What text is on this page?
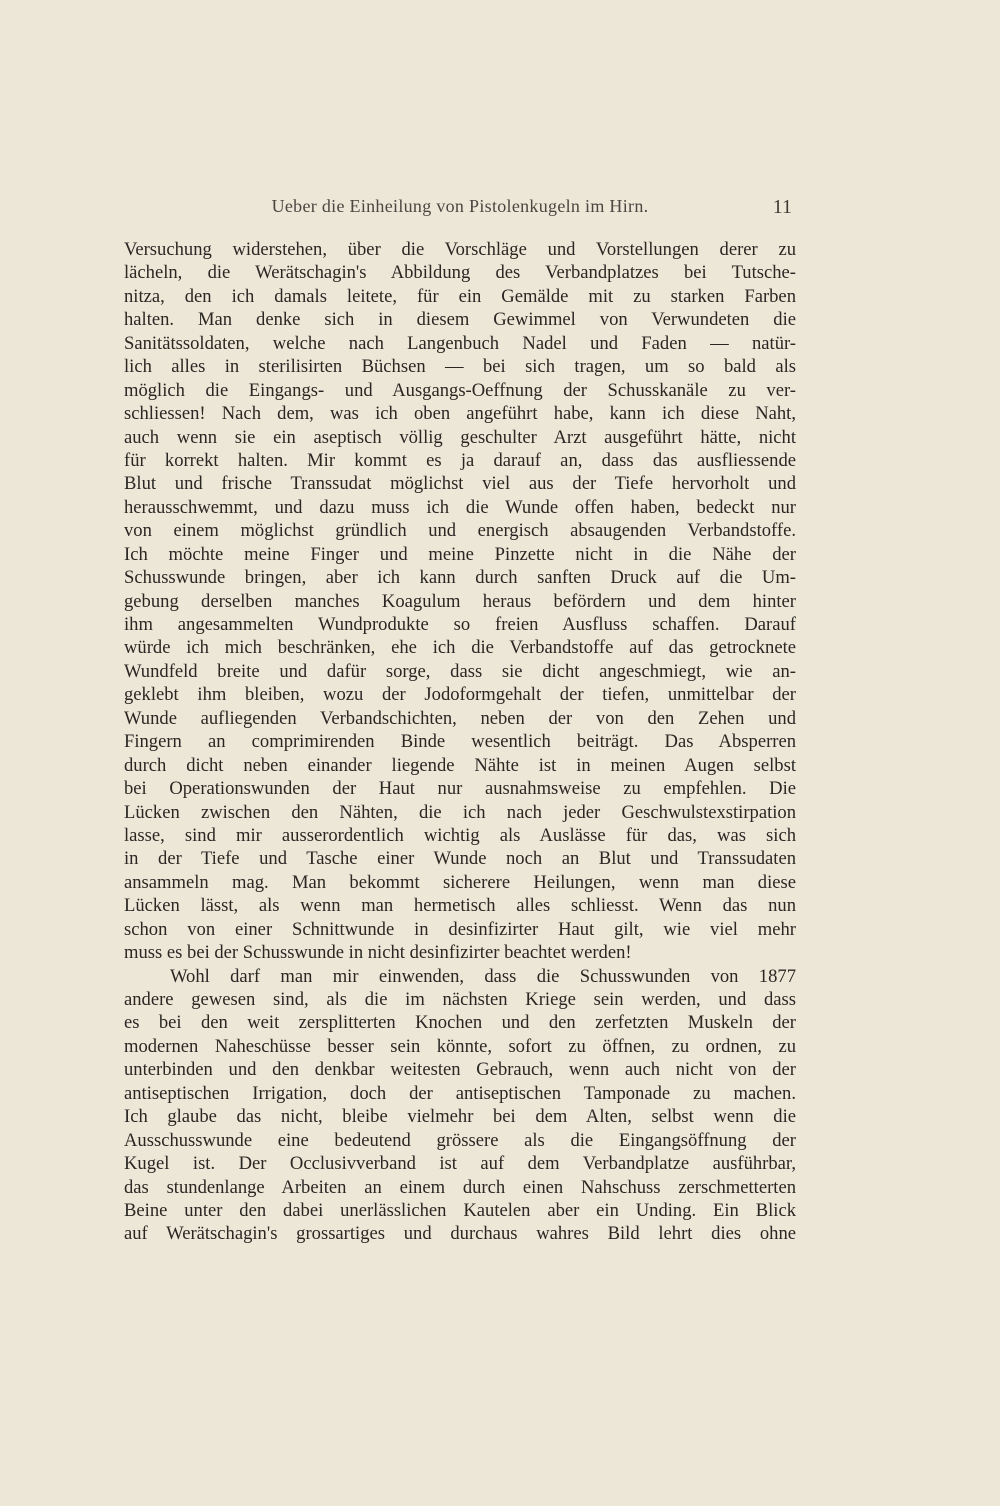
Ueber die Einheilung von Pistolenkugeln im Hirn.	11
Versuchung widerstehen, über die Vorschläge und Vorstellungen derer zu
lächeln, die Werätschagin's Abbildung des Verbandplatzes bei Tutsche-
nitza, den ich damals leitete, für ein Gemälde mit zu starken Farben
halten. Man denke sich in diesem Gewimmel von Verwundeten die
Sanitätssoldaten, welche nach Langenbuch Nadel und Faden — natür-
lich alles in sterilisirten Büchsen — bei sich tragen, um so bald als
möglich die Eingangs- und Ausgangs-Oeffnung der Schusskanäle zu ver-
schliessen! Nach dem, was ich oben angeführt habe, kann ich diese Naht,
auch wenn sie ein aseptisch völlig geschulter Arzt ausgeführt hätte, nicht
für korrekt halten. Mir kommt es ja darauf an, dass das ausfliessende
Blut und frische Transsudat möglichst viel aus der Tiefe hervorholt und
herausschwemmt, und dazu muss ich die Wunde offen haben, bedeckt nur
von einem möglichst gründlich und energisch absaugenden Verbandstoffe.
Ich möchte meine Finger und meine Pinzette nicht in die Nähe der
Schusswunde bringen, aber ich kann durch sanften Druck auf die Um-
gebung derselben manches Koagulum heraus befördern und dem hinter
ihm angesammelten Wundprodukte so freien Ausfluss schaffen. Darauf
würde ich mich beschränken, ehe ich die Verbandstoffe auf das getrocknete
Wundfeld breite und dafür sorge, dass sie dicht angeschmiegt, wie an-
geklebt ihm bleiben, wozu der Jodoformgehalt der tiefen, unmittelbar der
Wunde aufliegenden Verbandschichten, neben der von den Zehen und
Fingern an comprimirenden Binde wesentlich beiträgt. Das Absperren
durch dicht neben einander liegende Nähte ist in meinen Augen selbst
bei Operationswunden der Haut nur ausnahmsweise zu empfehlen. Die
Lücken zwischen den Nähten, die ich nach jeder Geschwulstexstirpation
lasse, sind mir ausserordentlich wichtig als Auslässe für das, was sich
in der Tiefe und Tasche einer Wunde noch an Blut und Transsudaten
ansammeln mag. Man bekommt sicherere Heilungen, wenn man diese
Lücken lässt, als wenn man hermetisch alles schliesst. Wenn das nun
schon von einer Schnittwunde in desinfizirter Haut gilt, wie viel mehr
muss es bei der Schusswunde in nicht desinfizirter beachtet werden!
Wohl darf man mir einwenden, dass die Schusswunden von 1877
andere gewesen sind, als die im nächsten Kriege sein werden, und dass
es bei den weit zersplitterten Knochen und den zerfetzten Muskeln der
modernen Naheschüsse besser sein könnte, sofort zu öffnen, zu ordnen, zu
unterbinden und den denkbar weitesten Gebrauch, wenn auch nicht von der
antiseptischen Irrigation, doch der antiseptischen Tamponade zu machen.
Ich glaube das nicht, bleibe vielmehr bei dem Alten, selbst wenn die
Ausschusswunde eine bedeutend grössere als die Eingangsöffnung der
Kugel ist. Der Occlusivverband ist auf dem Verbandplatze ausführbar,
das stundenlange Arbeiten an einem durch einen Nahschuss zerschmetterten
Beine unter den dabei unerlässlichen Kautelen aber ein Unding. Ein Blick
auf Werätschagin's grossartiges und durchaus wahres Bild lehrt dies ohne
